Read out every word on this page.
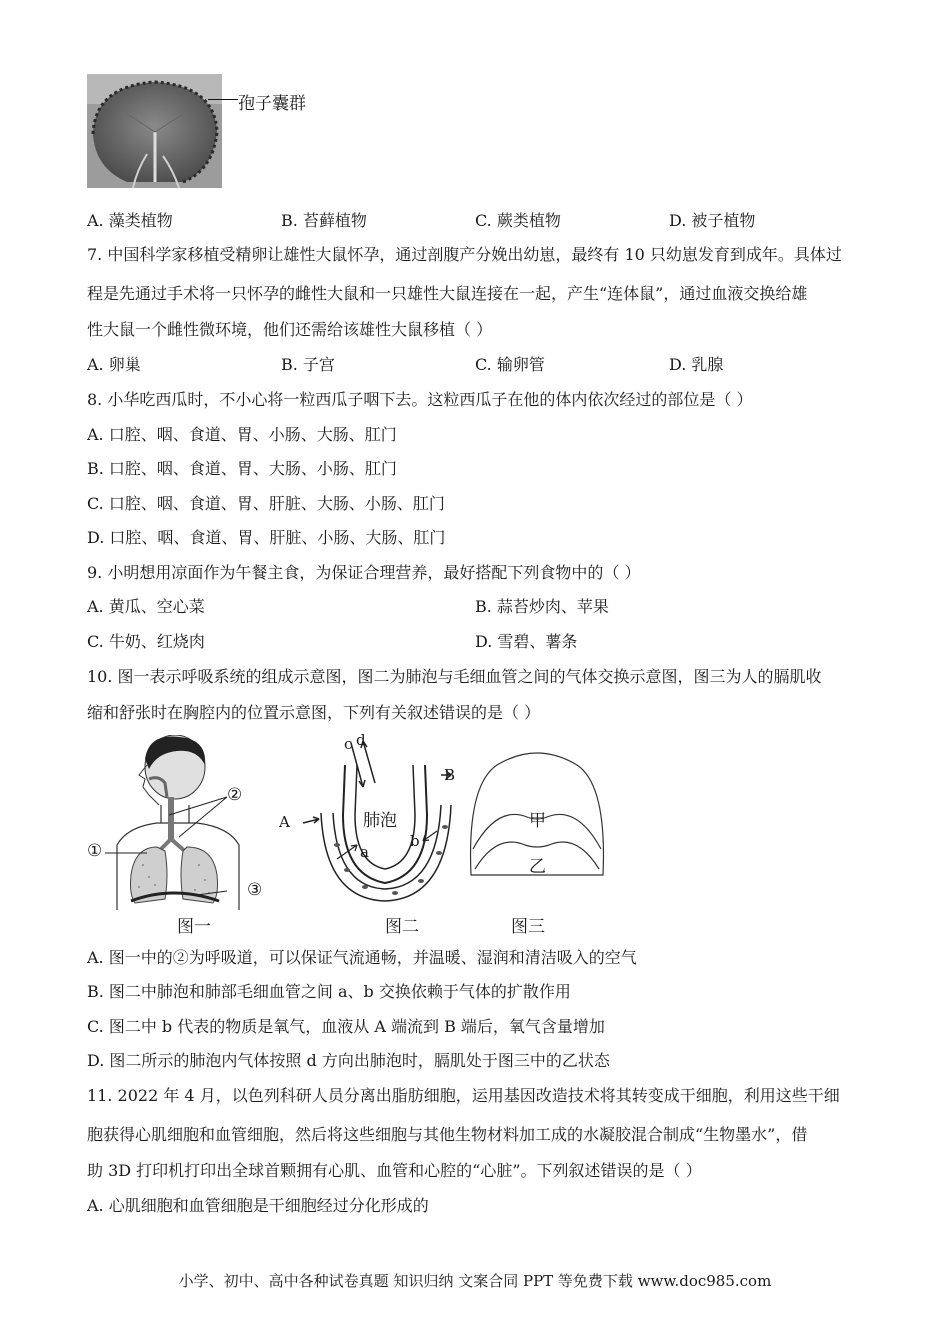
孢子囊群
A. 藻类植物	B. 苔藓植物	C. 蕨类植物	D. 被子植物
7. 中国科学家移植受精卵让雄性大鼠怀孕，通过剖腹产分娩出幼崽，最终有 10 只幼崽发育到成年。具体过
程是先通过手术将一只怀孕的雌性大鼠和一只雄性大鼠连接在一起，产生“连体鼠”，通过血液交换给雄
性大鼠一个雌性微环境，他们还需给该雄性大鼠移植（ ）
A. 卵巢	B. 子宫	C. 输卵管	D. 乳腺
8. 小华吃西瓜时，不小心将一粒西瓜子咽下去。这粒西瓜子在他的体内依次经过的部位是（ ）
A. 口腔、咽、食道、胃、小肠、大肠、肛门
B. 口腔、咽、食道、胃、大肠、小肠、肛门
C. 口腔、咽、食道、胃、肝脏、大肠、小肠、肛门
D. 口腔、咽、食道、胃、肝脏、小肠、大肠、肛门
9. 小明想用凉面作为午餐主食，为保证合理营养，最好搭配下列食物中的（ ）
A. 黄瓜、空心菜	B. 蒜苔炒肉、苹果
C. 牛奶、红烧肉	D. 雪碧、薯条
10. 图一表示呼吸系统的组成示意图，图二为肺泡与毛细血管之间的气体交换示意图，图三为人的膈肌收
缩和舒张时在胸腔内的位置示意图，下列有关叙述错误的是（ ）
②
①
③
图一
c d
B
A	肺泡
b
a
图二
甲
乙
图三
A. 图一中的②为呼吸道，可以保证气流通畅，并温暖、湿润和清洁吸入的空气
B. 图二中肺泡和肺部毛细血管之间 a、b 交换依赖于气体的扩散作用
C. 图二中 b 代表的物质是氧气，血液从 A 端流到 B 端后，氧气含量增加
D. 图二所示的肺泡内气体按照 d 方向出肺泡时，膈肌处于图三中的乙状态
11. 2022 年 4 月，以色列科研人员分离出脂肪细胞，运用基因改造技术将其转变成干细胞，利用这些干细
胞获得心肌细胞和血管细胞，然后将这些细胞与其他生物材料加工成的水凝胶混合制成“生物墨水”，借
助 3D 打印机打印出全球首颗拥有心肌、血管和心腔的“心脏”。下列叙述错误的是（ ）
A. 心肌细胞和血管细胞是干细胞经过分化形成的
小学、初中、高中各种试卷真题 知识归纳 文案合同 PPT 等免费下载 www.doc985.com
